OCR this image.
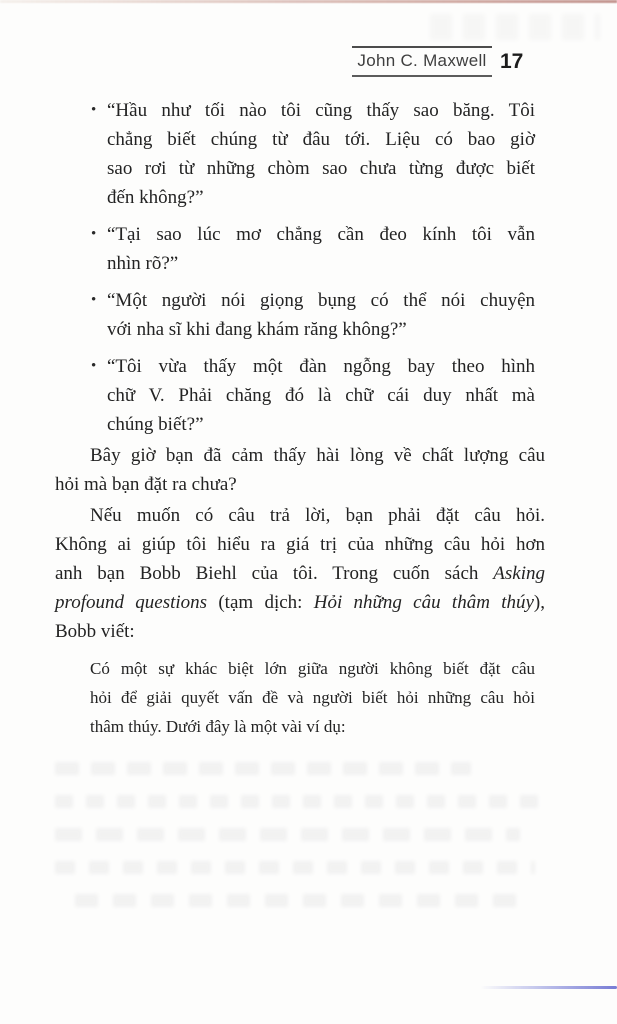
John C. Maxwell 17
• “Hầu như tối nào tôi cũng thấy sao băng. Tôi
chẳng biết chúng từ đâu tới. Liệu có bao giờ
sao rơi từ những chòm sao chưa từng được biết
đến không?”
• “Tại sao lúc mơ chẳng cần đeo kính tôi vẫn
nhìn rõ?”
• “Một người nói giọng bụng có thể nói chuyện
với nha sĩ khi đang khám răng không?”
• “Tôi vừa thấy một đàn ngỗng bay theo hình
chữ V. Phải chăng đó là chữ cái duy nhất mà
chúng biết?”
Bây giờ bạn đã cảm thấy hài lòng về chất lượng câu
hỏi mà bạn đặt ra chưa?
Nếu muốn có câu trả lời, bạn phải đặt câu hỏi.
Không ai giúp tôi hiểu ra giá trị của những câu hỏi hơn
anh bạn Bobb Biehl của tôi. Trong cuốn sách Asking
profound questions (tạm dịch: Hỏi những câu thâm thúy),
Bobb viết:
Có một sự khác biệt lớn giữa người không biết đặt câu
hỏi để giải quyết vấn đề và người biết hỏi những câu hỏi
thâm thúy. Dưới đây là một vài ví dụ:
